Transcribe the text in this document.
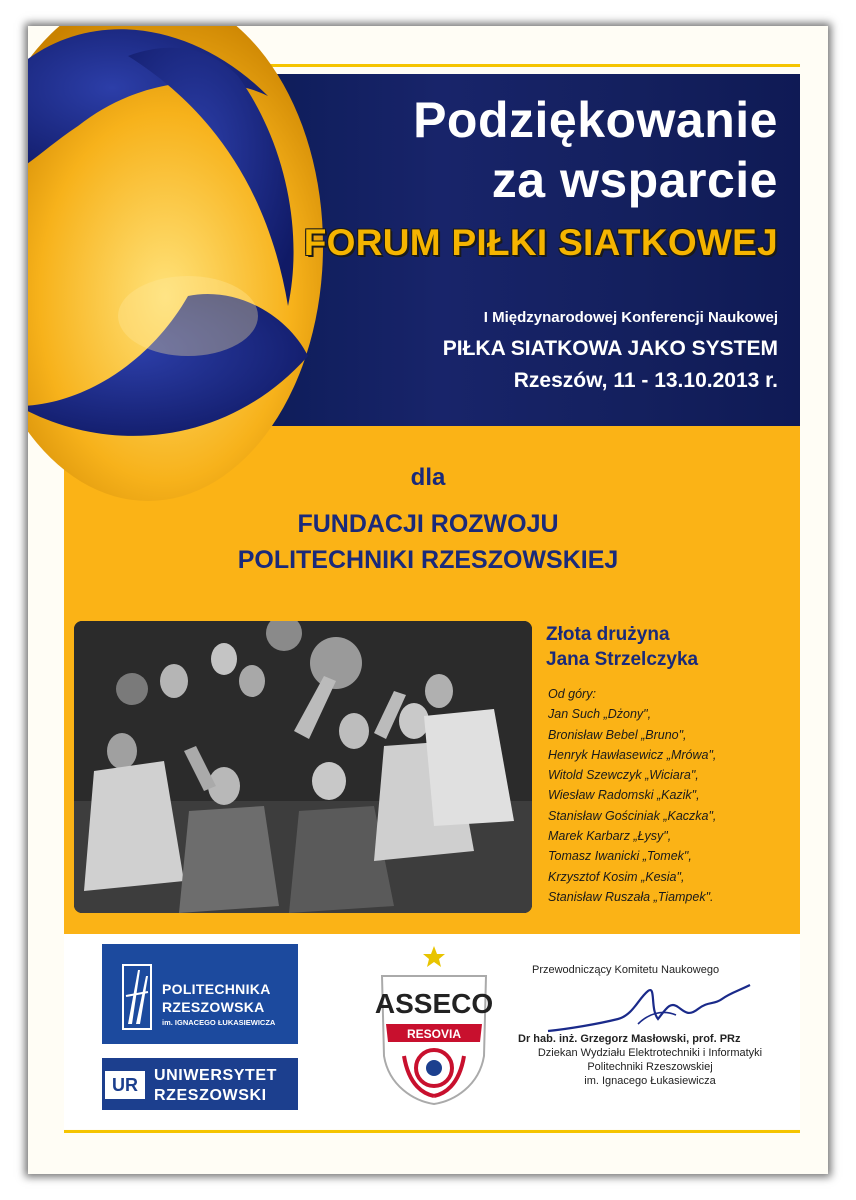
Podziękowanie
za wsparcie
FORUM PIŁKI SIATKOWEJ
I Międzynarodowej Konferencji Naukowej
PIŁKA SIATKOWA JAKO SYSTEM
Rzeszów, 11 - 13.10.2013 r.
dla
FUNDACJI ROZWOJU
POLITECHNIKI RZESZOWSKIEJ
Złota drużyna
Jana Strzelczyka
Od góry:
Jan Such „Dżony",
Bronisław Bebel „Bruno",
Henryk Hawłasewicz „Mrówa",
Witold Szewczyk „Wiciara",
Wiesław Radomski „Kazik",
Stanisław Gościniak „Kaczka",
Marek Karbarz „Łysy",
Tomasz Iwanicki „Tomek",
Krzysztof Kosim „Kesia",
Stanisław Ruszała „Tiampek".
POLITECHNIKA
RZESZOWSKA
im. IGNACEGO ŁUKASIEWICZA
UR	UNIWERSYTET
RZESZOWSKI
ASSECO
RESOVIA
Przewodniczący Komitetu Naukowego
Dr hab. inż. Grzegorz Masłowski, prof. PRz
Dziekan Wydziału Elektrotechniki i Informatyki
Politechniki Rzeszowskiej
im. Ignacego Łukasiewicza
